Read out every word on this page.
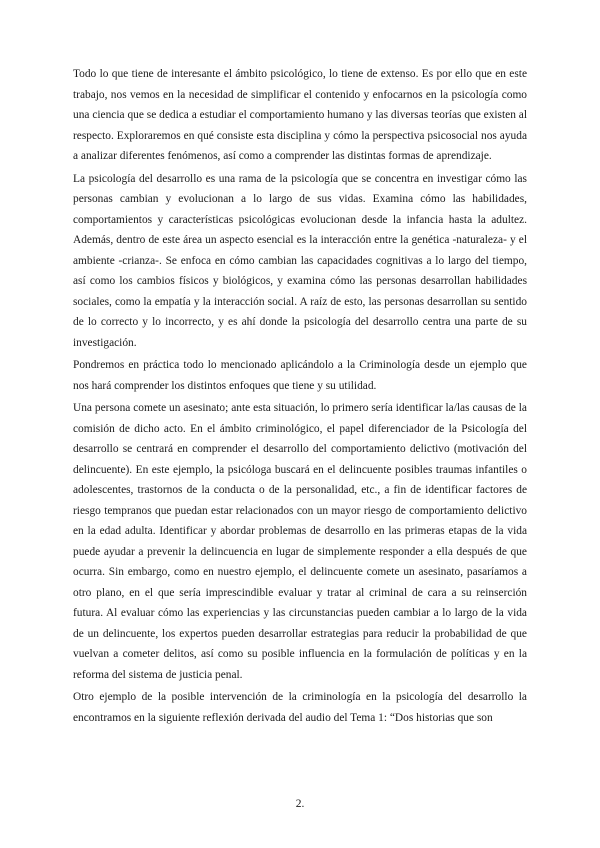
Todo lo que tiene de interesante el ámbito psicológico, lo tiene de extenso. Es por ello que en este trabajo, nos vemos en la necesidad de simplificar el contenido y enfocarnos en la psicología como una ciencia que se dedica a estudiar el comportamiento humano y las diversas teorías que existen al respecto. Exploraremos en qué consiste esta disciplina y cómo la perspectiva psicosocial nos ayuda a analizar diferentes fenómenos, así como a comprender las distintas formas de aprendizaje.

La psicología del desarrollo es una rama de la psicología que se concentra en investigar cómo las personas cambian y evolucionan a lo largo de sus vidas. Examina cómo las habilidades, comportamientos y características psicológicas evolucionan desde la infancia hasta la adultez. Además, dentro de este área un aspecto esencial es la interacción entre la genética -naturaleza- y el ambiente -crianza-. Se enfoca en cómo cambian las capacidades cognitivas a lo largo del tiempo, así como los cambios físicos y biológicos, y examina cómo las personas desarrollan habilidades sociales, como la empatía y la interacción social. A raíz de esto, las personas desarrollan su sentido de lo correcto y lo incorrecto, y es ahí donde la psicología del desarrollo centra una parte de su investigación.

Pondremos en práctica todo lo mencionado aplicándolo a la Criminología desde un ejemplo que nos hará comprender los distintos enfoques que tiene y su utilidad.

Una persona comete un asesinato; ante esta situación, lo primero sería identificar la/las causas de la comisión de dicho acto. En el ámbito criminológico, el papel diferenciador de la Psicología del desarrollo se centrará en comprender el desarrollo del comportamiento delictivo (motivación del delincuente). En este ejemplo, la psicóloga buscará en el delincuente posibles traumas infantiles o adolescentes, trastornos de la conducta o de la personalidad, etc., a fin de identificar factores de riesgo tempranos que puedan estar relacionados con un mayor riesgo de comportamiento delictivo en la edad adulta. Identificar y abordar problemas de desarrollo en las primeras etapas de la vida puede ayudar a prevenir la delincuencia en lugar de simplemente responder a ella después de que ocurra. Sin embargo, como en nuestro ejemplo, el delincuente comete un asesinato, pasaríamos a otro plano, en el que sería imprescindible evaluar y tratar al criminal de cara a su reinserción futura. Al evaluar cómo las experiencias y las circunstancias pueden cambiar a lo largo de la vida de un delincuente, los expertos pueden desarrollar estrategias para reducir la probabilidad de que vuelvan a cometer delitos, así como su posible influencia en la formulación de políticas y en la reforma del sistema de justicia penal.

Otro ejemplo de la posible intervención de la criminología en la psicología del desarrollo la encontramos en la siguiente reflexión derivada del audio del Tema 1: “Dos historias que son

2.
